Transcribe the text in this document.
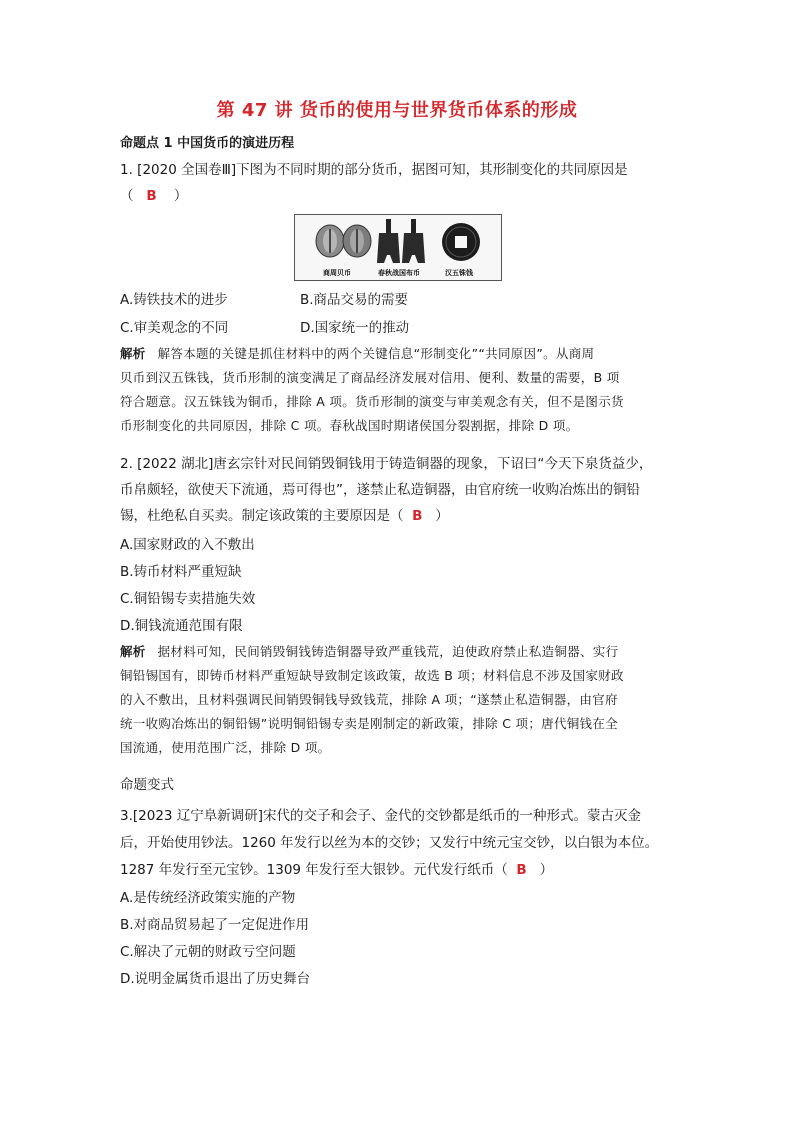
第 47 讲 货币的使用与世界货币体系的形成
命题点 1 中国货币的演进历程
1. [2020 全国卷Ⅲ]下图为不同时期的部分货币，据图可知，其形制变化的共同原因是
（ B ）
商周贝币	春秋战国布币	汉五铢钱
A.铸铁技术的进步	B.商品交易的需要
C.审美观念的不同	D.国家统一的推动
解析 解答本题的关键是抓住材料中的两个关键信息“形制变化”“共同原因”。从商周
贝币到汉五铢钱，货币形制的演变满足了商品经济发展对信用、便利、数量的需要，B 项
符合题意。汉五铢钱为铜币，排除 A 项。货币形制的演变与审美观念有关，但不是图示货
币形制变化的共同原因，排除 C 项。春秋战国时期诸侯国分裂割据，排除 D 项。
2. [2022 湖北]唐玄宗针对民间销毁铜钱用于铸造铜器的现象，下诏曰“今天下泉货益少，
币帛颇轻，欲使天下流通，焉可得也”，遂禁止私造铜器，由官府统一收购冶炼出的铜铅
锡，杜绝私自买卖。制定该政策的主要原因是（ B ）
A.国家财政的入不敷出
B.铸币材料严重短缺
C.铜铅锡专卖措施失效
D.铜钱流通范围有限
解析 据材料可知，民间销毁铜钱铸造铜器导致严重钱荒，迫使政府禁止私造铜器、实行
铜铅锡国有，即铸币材料严重短缺导致制定该政策，故选 B 项；材料信息不涉及国家财政
的入不敷出，且材料强调民间销毁铜钱导致钱荒，排除 A 项；“遂禁止私造铜器，由官府
统一收购冶炼出的铜铅锡”说明铜铅锡专卖是刚制定的新政策，排除 C 项；唐代铜钱在全
国流通，使用范围广泛，排除 D 项。
命题变式
3.[2023 辽宁阜新调研]宋代的交子和会子、金代的交钞都是纸币的一种形式。蒙古灭金
后，开始使用钞法。1260 年发行以丝为本的交钞；又发行中统元宝交钞，以白银为本位。
1287 年发行至元宝钞。1309 年发行至大银钞。元代发行纸币（ B ）
A.是传统经济政策实施的产物
B.对商品贸易起了一定促进作用
C.解决了元朝的财政亏空问题
D.说明金属货币退出了历史舞台
